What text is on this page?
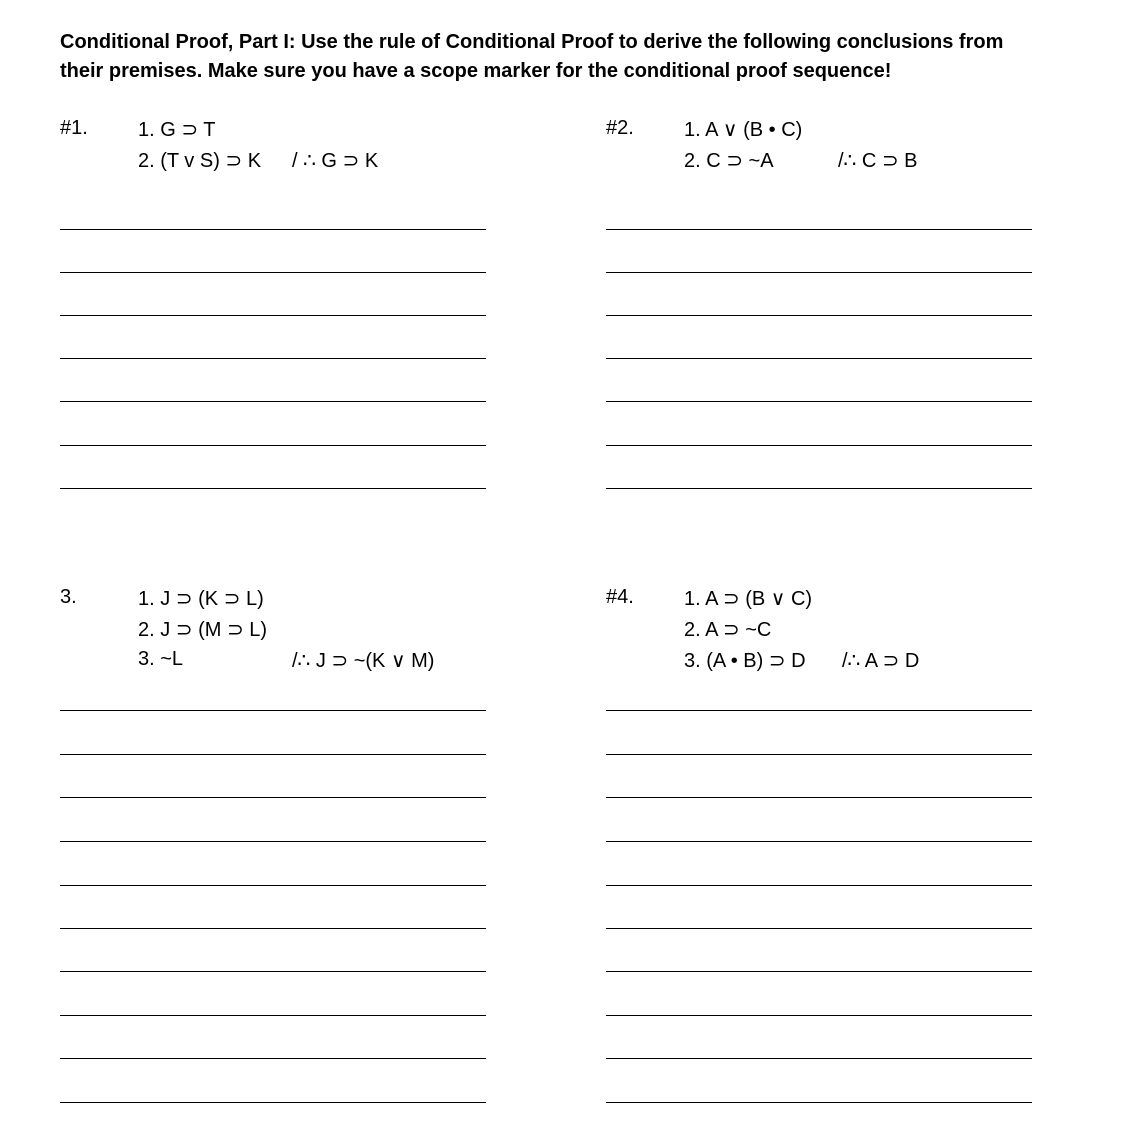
Conditional Proof, Part I: Use the rule of Conditional Proof to derive the following conclusions from
their premises. Make sure you have a scope marker for the conditional proof sequence!
#1.	1. G ⊃ T
2. (T v S) ⊃ K / ∴ G ⊃ K
#2.	1. A ∨ (B • C)
2. C ⊃ ~A	/∴ C ⊃ B
3.	1. J ⊃ (K ⊃ L)
2. J ⊃ (M ⊃ L)
3. ~L	/∴ J ⊃ ~(K ∨ M)
#4.	1. A ⊃ (B ∨ C)
2. A ⊃ ~C
3. (A • B) ⊃ D /∴ A ⊃ D
